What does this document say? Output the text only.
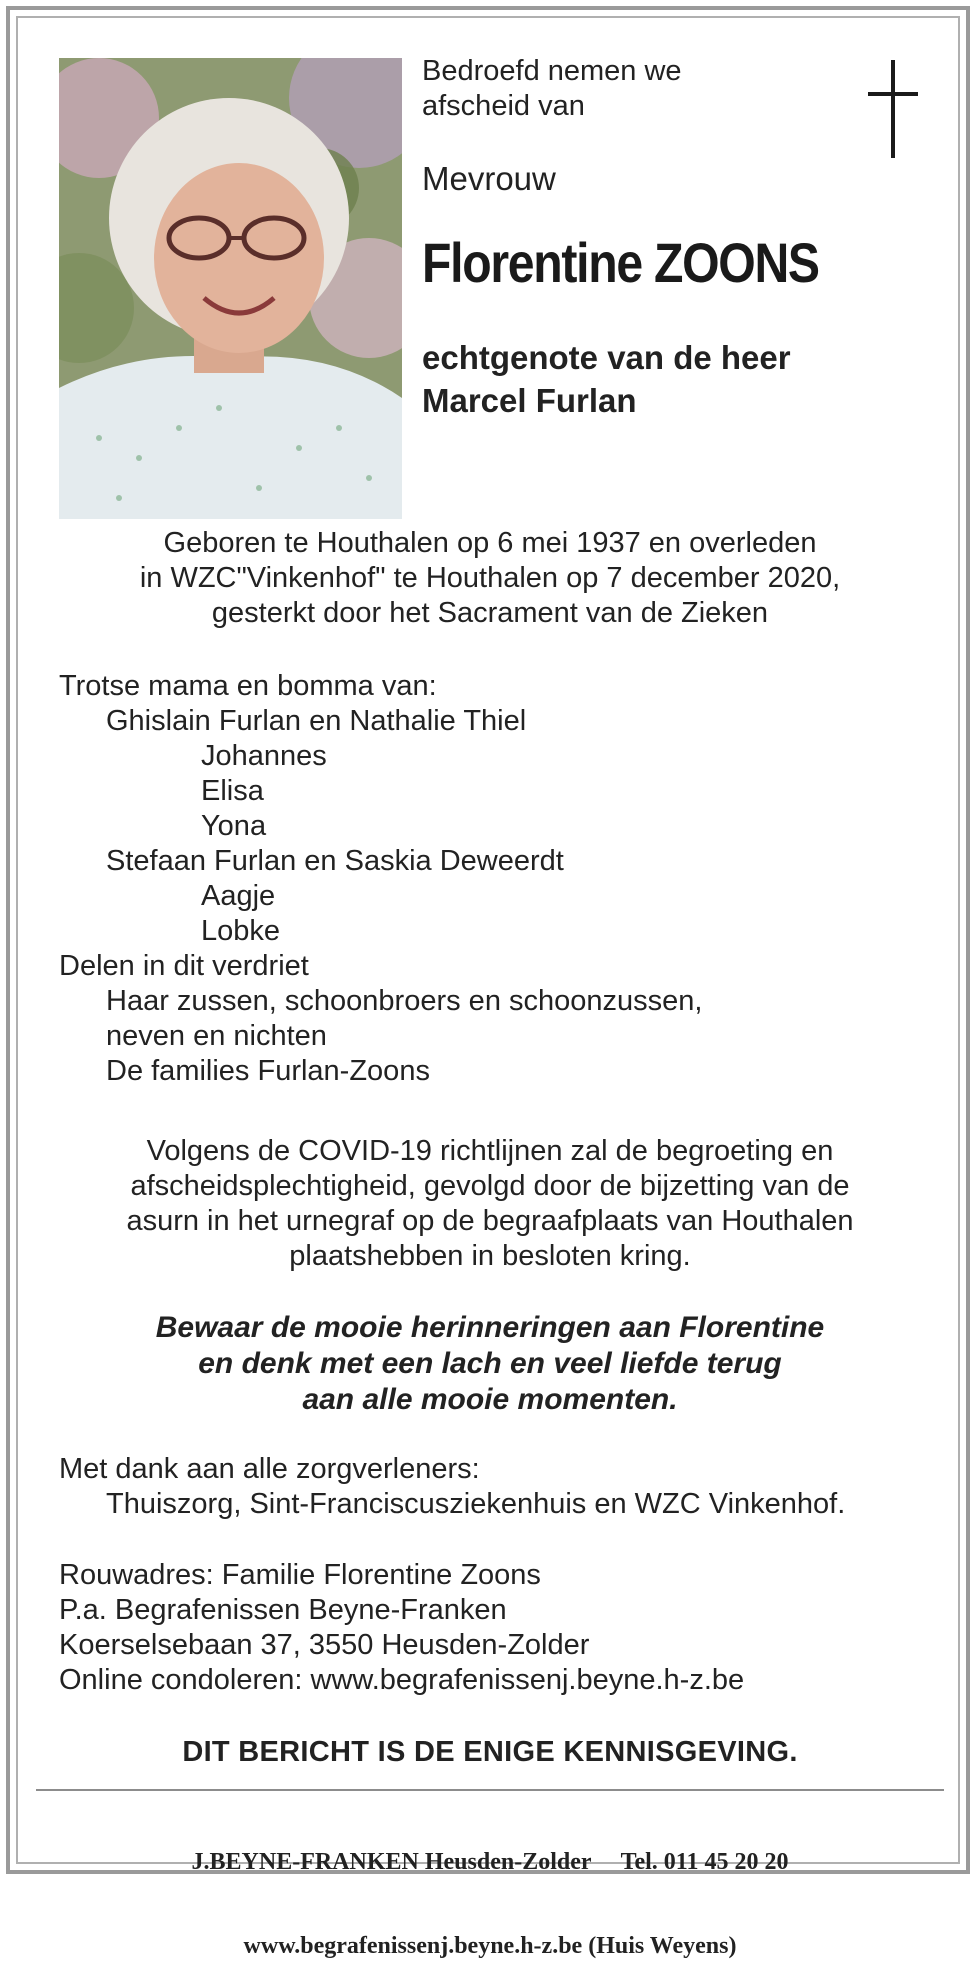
Bedroefd nemen we
afscheid van
Mevrouw
Florentine ZOONS
echtgenote van de heer
Marcel Furlan
Geboren te Houthalen op 6 mei 1937 en overleden
in WZC"Vinkenhof" te Houthalen op 7 december 2020,
gesterkt door het Sacrament van de Zieken
Trotse mama en bomma van:
Ghislain Furlan en Nathalie Thiel
Johannes
Elisa
Yona
Stefaan Furlan en Saskia Deweerdt
Aagje
Lobke
Delen in dit verdriet
Haar zussen, schoonbroers en schoonzussen,
neven en nichten
De families Furlan-Zoons
Volgens de COVID-19 richtlijnen zal de begroeting en
afscheidsplechtigheid, gevolgd door de bijzetting van de
asurn in het urnegraf op de begraafplaats van Houthalen
plaatshebben in besloten kring.
Bewaar de mooie herinneringen aan Florentine
en denk met een lach en veel liefde terug
aan alle mooie momenten.
Met dank aan alle zorgverleners:
Thuiszorg, Sint-Franciscusziekenhuis en WZC Vinkenhof.
Rouwadres: Familie Florentine Zoons
P.a. Begrafenissen Beyne-Franken
Koerselsebaan 37, 3550 Heusden-Zolder
Online condoleren: www.begrafenissenj.beyne.h-z.be
DIT BERICHT IS DE ENIGE KENNISGEVING.

J.BEYNE-FRANKEN Heusden-Zolder     Tel. 011 45 20 20

www.begrafenissenj.beyne.h-z.be (Huis Weyens)
